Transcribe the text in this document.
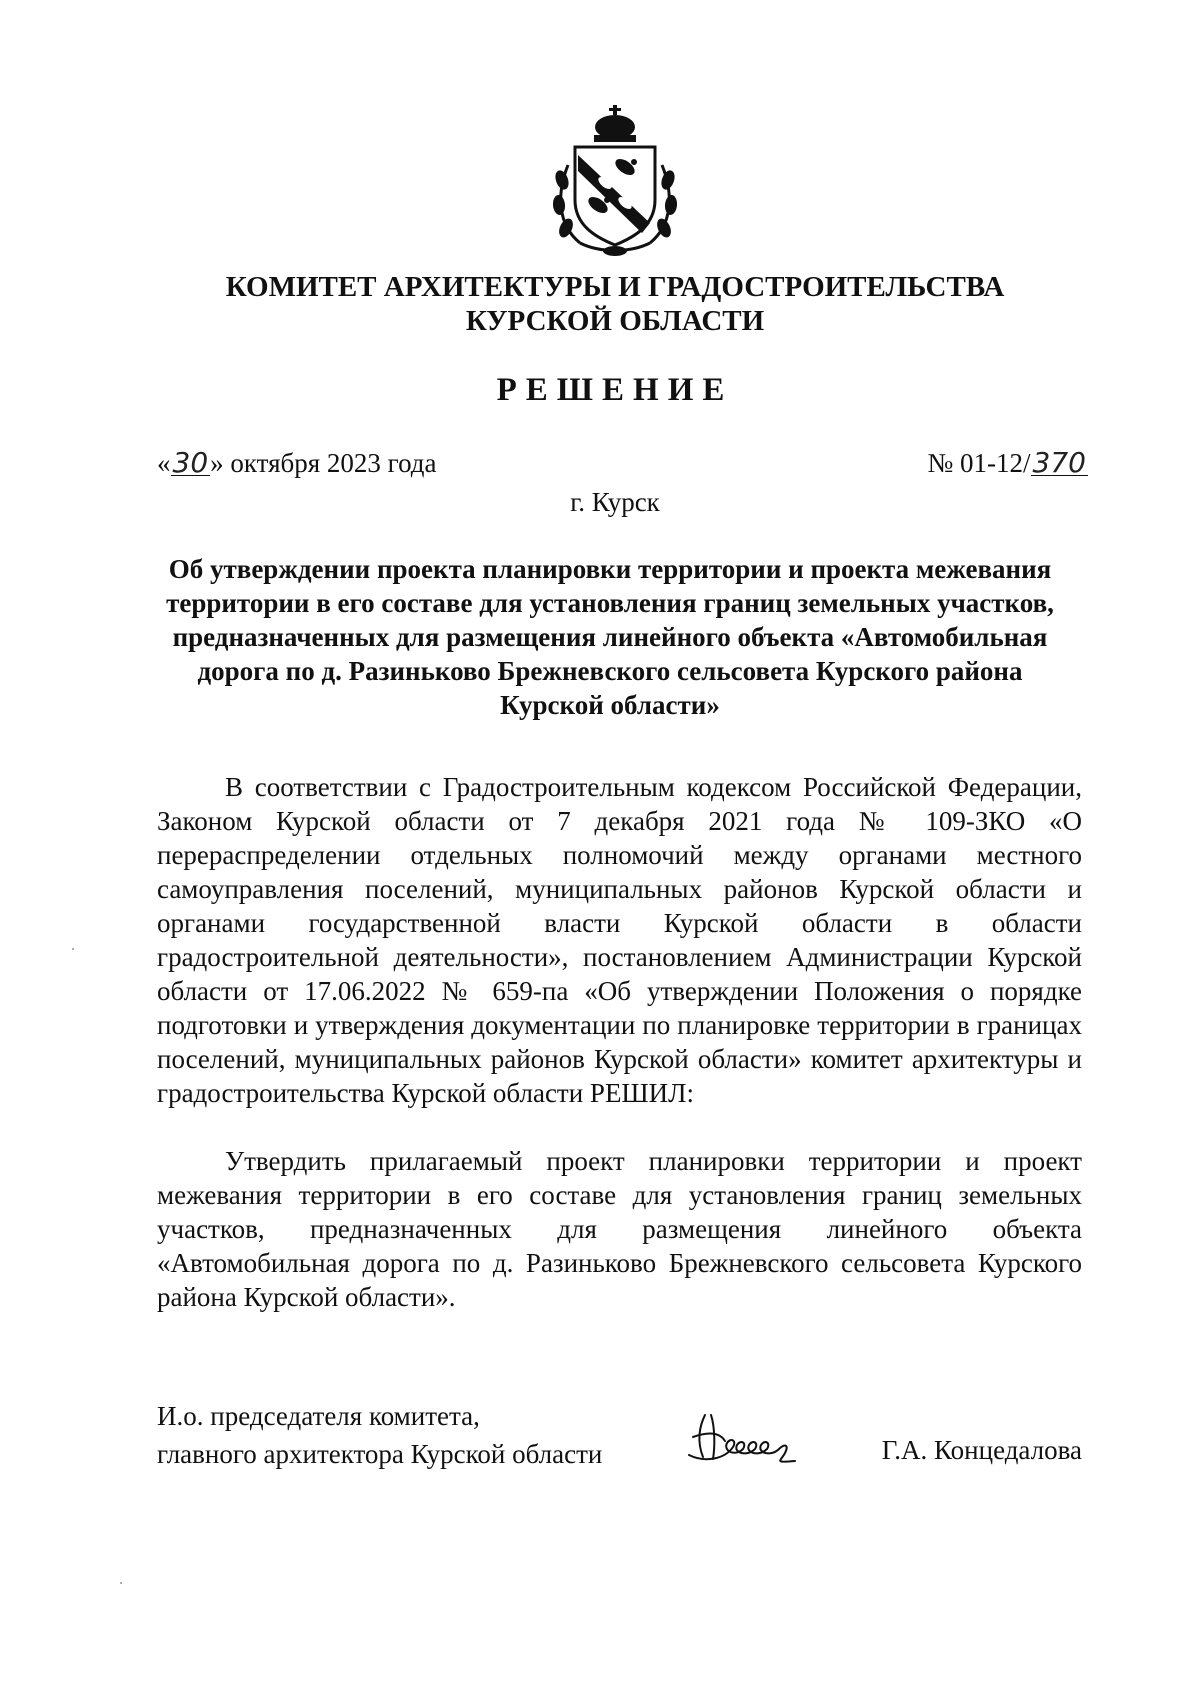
КОМИТЕТ АРХИТЕКТУРЫ И ГРАДОСТРОИТЕЛЬСТВА
КУРСКОЙ ОБЛАСТИ
РЕШЕНИЕ
«30» октября 2023 года	№ 01-12/370
г. Курск
Об утверждении проекта планировки территории и проекта межевания территории в его составе для установления границ земельных участков, предназначенных для размещения линейного объекта «Автомобильная дорога по д. Разиньково Брежневского сельсовета Курского района Курской области»
В соответствии с Градостроительным кодексом Российской Федерации, Законом Курской области от 7 декабря 2021 года № 109-ЗКО «О перераспределении отдельных полномочий между органами местного самоуправления поселений, муниципальных районов Курской области и органами государственной власти Курской области в области градостроительной деятельности», постановлением Администрации Курской области от 17.06.2022 № 659-па «Об утверждении Положения о порядке подготовки и утверждения документации по планировке территории в границах поселений, муниципальных районов Курской области» комитет архитектуры и градостроительства Курской области РЕШИЛ:
Утвердить прилагаемый проект планировки территории и проект межевания территории в его составе для установления границ земельных участков, предназначенных для размещения линейного объекта «Автомобильная дорога по д. Разиньково Брежневского сельсовета Курского района Курской области».
И.о. председателя комитета,
главного архитектора Курской области	Г.А. Концедалова
